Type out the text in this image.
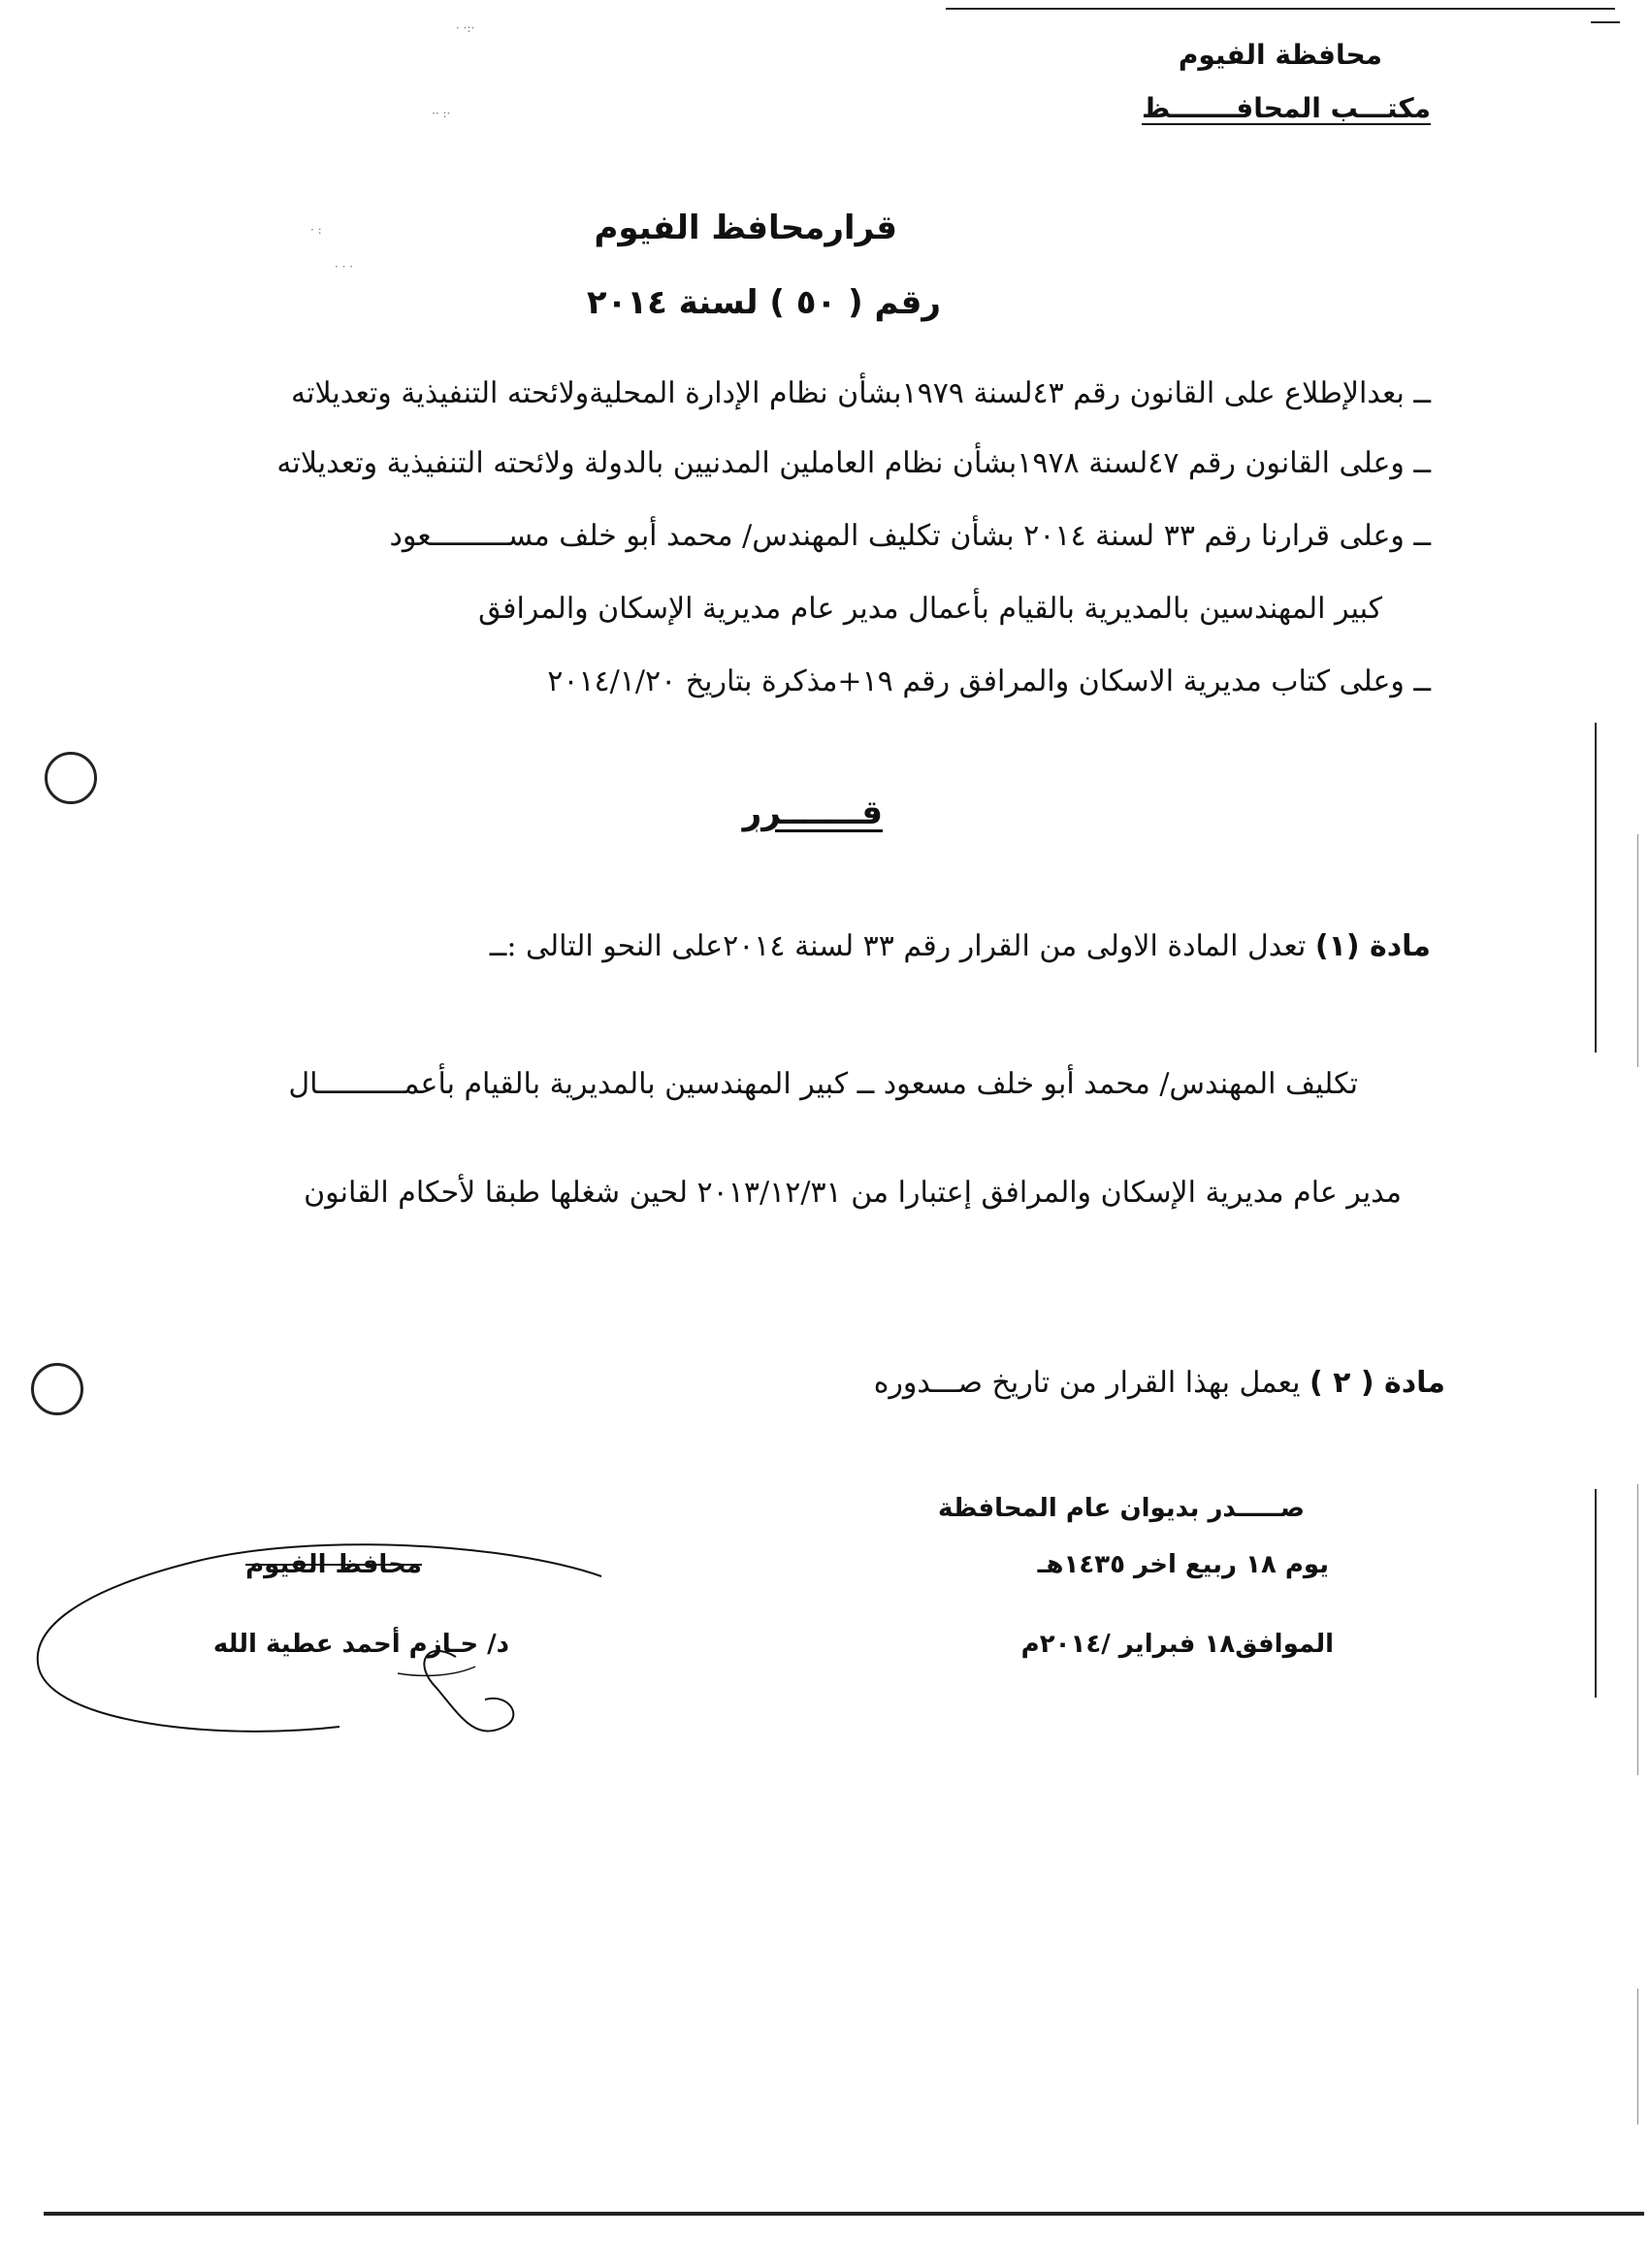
· ·:·
·· :·
· :
· · ·
محافظة الفيوم
مكتـــب المحافـــــــظ
قرارمحافظ الفيوم
رقم ( ٥٠ ) لسنة ٢٠١٤
ــ بعدالإطلاع على القانون رقم ٤٣لسنة ١٩٧٩بشأن نظام الإدارة المحليةولائحته التنفيذية وتعديلاته
ــ وعلى القانون رقم ٤٧لسنة ١٩٧٨بشأن نظام العاملين المدنيين بالدولة ولائحته التنفيذية وتعديلاته
ــ وعلى قرارنا رقم ٣٣ لسنة ٢٠١٤ بشأن تكليف المهندس/ محمد أبو خلف مســـــــــعود
كبير المهندسين بالمديرية بالقيام بأعمال مدير عام مديرية الإسكان والمرافق
ــ وعلى كتاب مديرية الاسكان والمرافق رقم ١٩+مذكرة بتاريخ ٢٠١٤/١/٢٠
قـــــــرر
مادة (١) تعدل المادة الاولى من القرار رقم ٣٣ لسنة ٢٠١٤على النحو التالى :ــ
تكليف المهندس/ محمد أبو خلف مسعود ــ كبير المهندسين بالمديرية بالقيام بأعمــــــــــال
مدير عام مديرية الإسكان والمرافق إعتبارا من ٢٠١٣/١٢/٣١ لحين شغلها طبقا لأحكام القانون
مادة ( ٢ ) يعمل بهذا القرار من تاريخ صـــدوره
صـــــدر بديوان عام المحافظة
يوم ١٨ ربيع اخر ١٤٣٥هـ
الموافق١٨ فبراير /٢٠١٤م
محافظ الفيوم
د/ حـازم أحمد عطية الله
